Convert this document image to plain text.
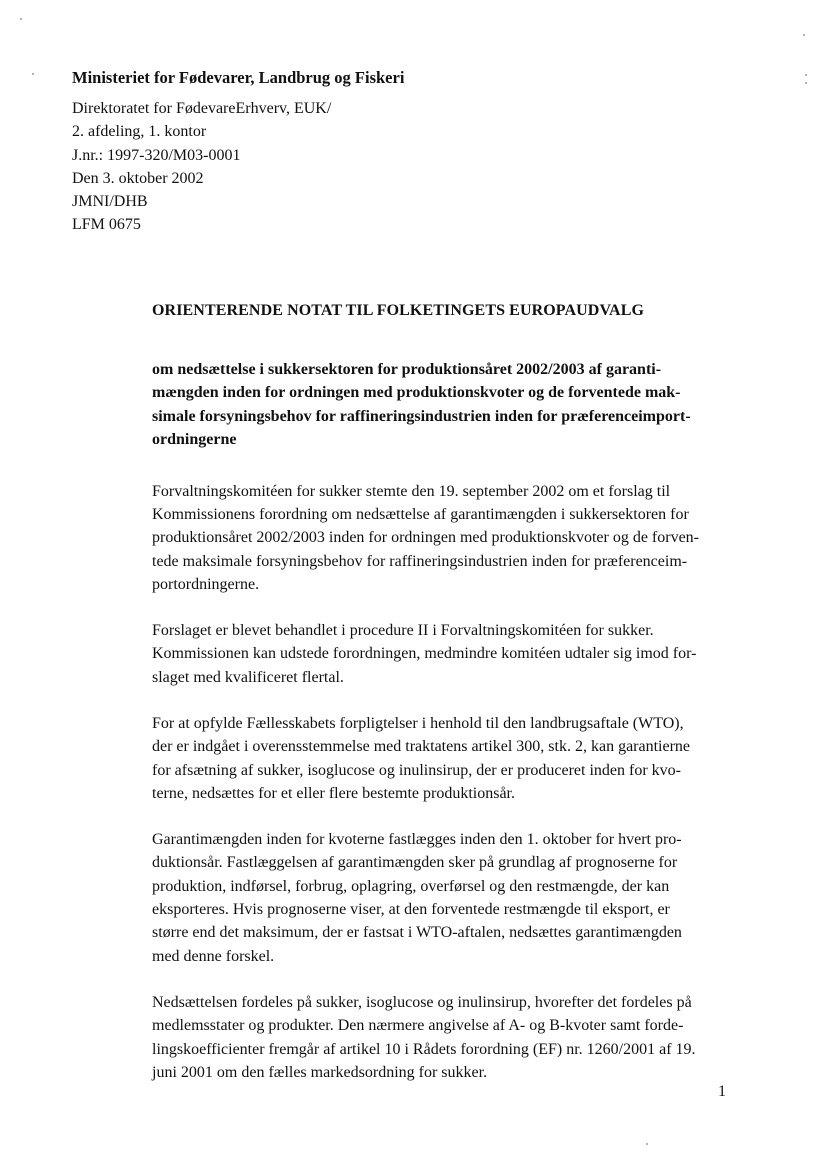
Ministeriet for Fødevarer, Landbrug og Fiskeri
Direktoratet for FødevareErhverv, EUK/
2. afdeling, 1. kontor
J.nr.: 1997-320/M03-0001
Den 3. oktober 2002
JMNI/DHB
LFM 0675

ORIENTERENDE NOTAT TIL FOLKETINGETS EUROPAUDVALG

om nedsættelse i sukkersektoren for produktionsåret 2002/2003 af garanti-
mængden inden for ordningen med produktionskvoter og de forventede mak-
simale forsyningsbehov for raffineringsindustrien inden for præferenceimport-
ordningerne

Forvaltningskomitéen for sukker stemte den 19. september 2002 om et forslag til
Kommissionens forordning om nedsættelse af garantimængden i sukkersektoren for
produktionsåret 2002/2003 inden for ordningen med produktionskvoter og de forven-
tede maksimale forsyningsbehov for raffineringsindustrien inden for præferenceim-
portordningerne.

Forslaget er blevet behandlet i procedure II i Forvaltningskomitéen for sukker.
Kommissionen kan udstede forordningen, medmindre komitéen udtaler sig imod for-
slaget med kvalificeret flertal.

For at opfylde Fællesskabets forpligtelser i henhold til den landbrugsaftale (WTO),
der er indgået i overensstemmelse med traktatens artikel 300, stk. 2, kan garantierne
for afsætning af sukker, isoglucose og inulinsirup, der er produceret inden for kvo-
terne, nedsættes for et eller flere bestemte produktionsår.

Garantimængden inden for kvoterne fastlægges inden den 1. oktober for hvert pro-
duktionsår. Fastlæggelsen af garantimængden sker på grundlag af prognoserne for
produktion, indførsel, forbrug, oplagring, overførsel og den restmængde, der kan
eksporteres. Hvis prognoserne viser, at den forventede restmængde til eksport, er
større end det maksimum, der er fastsat i WTO-aftalen, nedsættes garantimængden
med denne forskel.

Nedsættelsen fordeles på sukker, isoglucose og inulinsirup, hvorefter det fordeles på
medlemsstater og produkter. Den nærmere angivelse af A- og B-kvoter samt forde-
lingskoefficienter fremgår af artikel 10 i Rådets forordning (EF) nr. 1260/2001 af 19.
juni 2001 om den fælles markedsordning for sukker.

1
